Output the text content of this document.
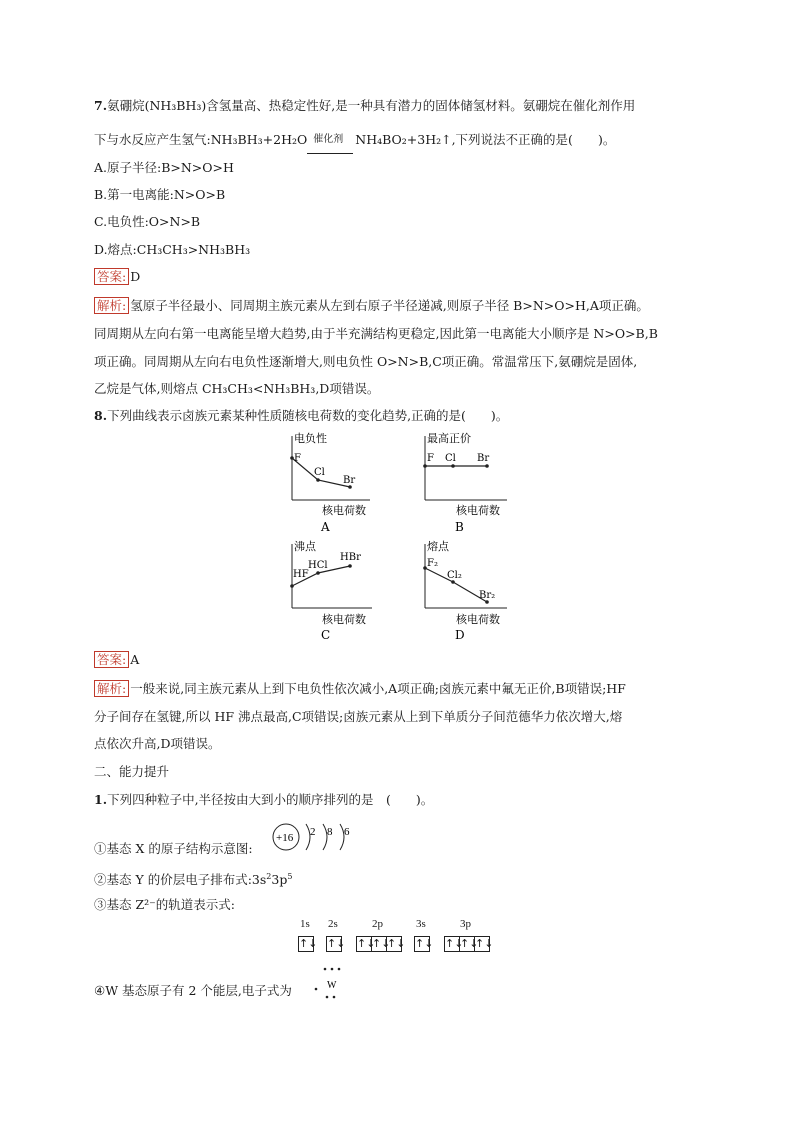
7.氨硼烷(NH₃BH₃)含氢量高、热稳定性好,是一种具有潜力的固体储氢材料。氨硼烷在催化剂作用
下与水反应产生氢气:NH₃BH₃+2H₂O 催化剂 NH₄BO₂+3H₂↑,下列说法不正确的是(　　)。
A.原子半径:B>N>O>H
B.第一电离能:N>O>B
C.电负性:O>N>B
D.熔点:CH₃CH₃>NH₃BH₃
答案: D
解析: 氢原子半径最小、同周期主族元素从左到右原子半径递减,则原子半径 B>N>O>H,A项正确。
同周期从左向右第一电离能呈增大趋势,由于半充满结构更稳定,因此第一电离能大小顺序是 N>O>B,B
项正确。同周期从左向右电负性逐渐增大,则电负性 O>N>B,C项正确。常温常压下,氨硼烷是固体,
乙烷是气体,则熔点 CH₃CH₃<NH₃BH₃,D项错误。
8.下列曲线表示卤族元素某种性质随核电荷数的变化趋势,正确的是(　　)。
电负性
F
Cl
Br
核电荷数
A
最高正价
F Cl Br
核电荷数
B
沸点
HF
HCl
HBr
核电荷数
C
熔点
F₂
Cl₂
Br₂
核电荷数
D
答案: A
解析: 一般来说,同主族元素从上到下电负性依次减小,A项正确;卤族元素中氟无正价,B项错误;HF
分子间存在氢键,所以 HF 沸点最高,C项错误;卤族元素从上到下单质分子间范德华力依次增大,熔
点依次升高,D项错误。
二、能力提升
1.下列四种粒子中,半径按由大到小的顺序排列的是　(　　)。
①基态 X 的原子结构示意图:
+16 2 8 6
②基态 Y 的价层电子排布式$:3s^23p^5$
③基态 Z²⁻的轨道表示式:
1s 2s	2p	3s	3p
↑↓ ↑↓ ↑↓
↑↓
↑↓ ↑↓ ↑↓
↑↓
↑↓
④W 基态原子有 2 个能层,电子式为	W
